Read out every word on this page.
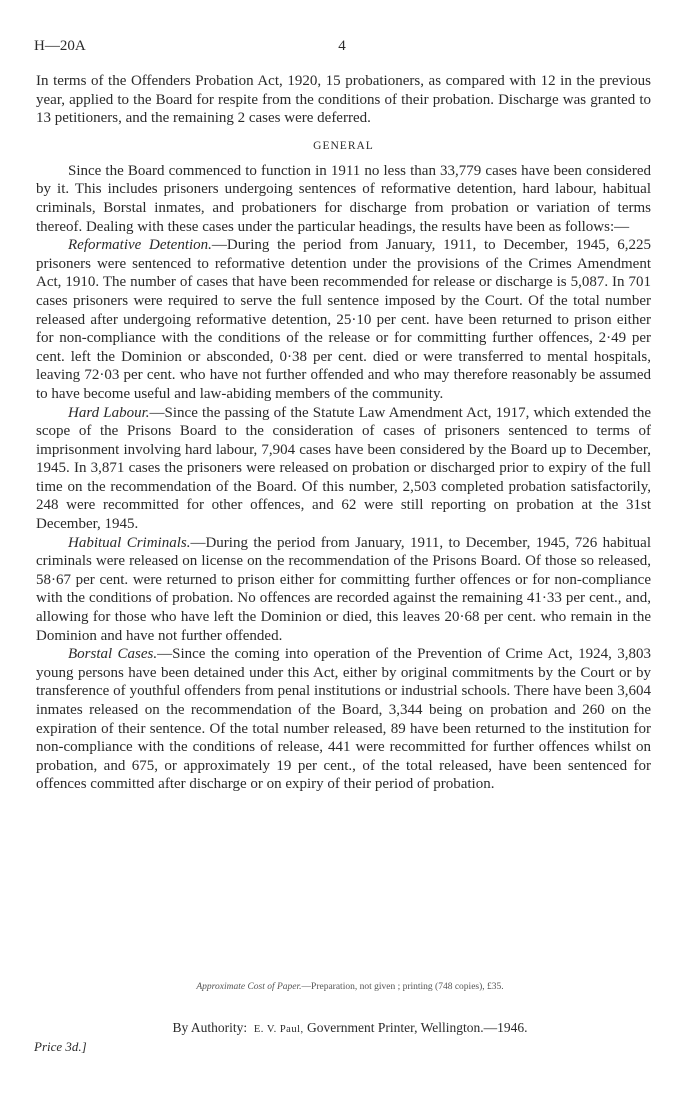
H—20A	4

In terms of the Offenders Probation Act, 1920, 15 probationers, as compared with 12 in the previous year, applied to the Board for respite from the conditions of their probation. Discharge was granted to 13 petitioners, and the remaining 2 cases were deferred.

GENERAL

Since the Board commenced to function in 1911 no less than 33,779 cases have been considered by it. This includes prisoners undergoing sentences of reformative detention, hard labour, habitual criminals, Borstal inmates, and probationers for discharge from probation or variation of terms thereof. Dealing with these cases under the particular headings, the results have been as follows:—

Reformative Detention.—During the period from January, 1911, to December, 1945, 6,225 prisoners were sentenced to reformative detention under the provisions of the Crimes Amendment Act, 1910. The number of cases that have been recommended for release or discharge is 5,087. In 701 cases prisoners were required to serve the full sentence imposed by the Court. Of the total number released after undergoing reformative detention, 25·10 per cent. have been returned to prison either for non-compliance with the conditions of the release or for committing further offences, 2·49 per cent. left the Dominion or absconded, 0·38 per cent. died or were transferred to mental hospitals, leaving 72·03 per cent. who have not further offended and who may therefore reasonably be assumed to have become useful and law-abiding members of the community.

Hard Labour.—Since the passing of the Statute Law Amendment Act, 1917, which extended the scope of the Prisons Board to the consideration of cases of prisoners sentenced to terms of imprisonment involving hard labour, 7,904 cases have been considered by the Board up to December, 1945. In 3,871 cases the prisoners were released on probation or discharged prior to expiry of the full time on the recommendation of the Board. Of this number, 2,503 completed probation satisfactorily, 248 were recommitted for other offences, and 62 were still reporting on probation at the 31st December, 1945.

Habitual Criminals.—During the period from January, 1911, to December, 1945, 726 habitual criminals were released on license on the recommendation of the Prisons Board. Of those so released, 58·67 per cent. were returned to prison either for committing further offences or for non-compliance with the conditions of probation. No offences are recorded against the remaining 41·33 per cent., and, allowing for those who have left the Dominion or died, this leaves 20·68 per cent. who remain in the Dominion and have not further offended.

Borstal Cases.—Since the coming into operation of the Prevention of Crime Act, 1924, 3,803 young persons have been detained under this Act, either by original commitments by the Court or by transference of youthful offenders from penal institutions or industrial schools. There have been 3,604 inmates released on the recommendation of the Board, 3,344 being on probation and 260 on the expiration of their sentence. Of the total number released, 89 have been returned to the institution for non-compliance with the conditions of release, 441 were recommitted for further offences whilst on probation, and 675, or approximately 19 per cent., of the total released, have been sentenced for offences committed after discharge or on expiry of their period of probation.

Approximate Cost of Paper.—Preparation, not given ; printing (748 copies), £35.
By Authority: E. V. Paul, Government Printer, Wellington.—1946.
Price 3d.]
